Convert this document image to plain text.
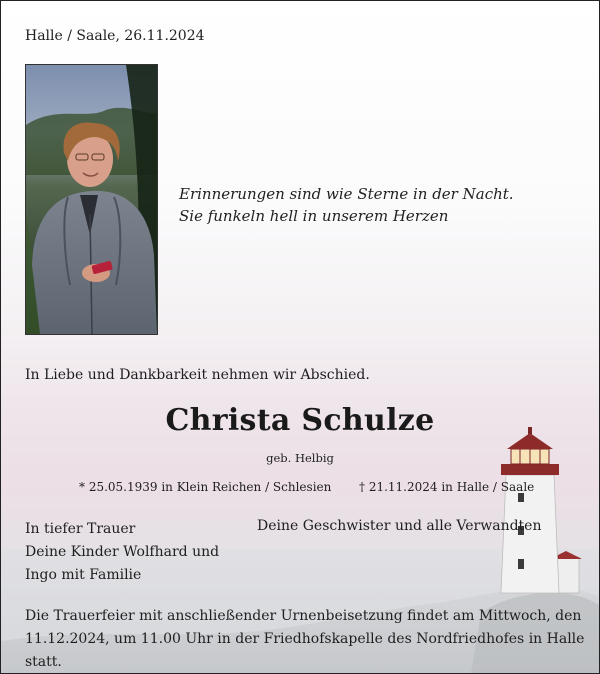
Halle / Saale, 26.11.2024
Erinnerungen sind wie Sterne in der Nacht. Sie funkeln hell in unserem Herzen
In Liebe und Dankbarkeit nehmen wir Abschied.
Christa Schulze
geb. Helbig
* 25.05.1939 in Klein Reichen / Schlesien † 21.11.2024 in Halle / Saale
In tiefer Trauer
Deine Kinder Wolfhard und
Ingo mit Familie
Deine Geschwister und alle Verwandten
Die Trauerfeier mit anschließender Urnenbeisetzung findet am Mittwoch, den 11.12.2024, um 11.00 Uhr in der Friedhofskapelle des Nordfriedhofes in Halle statt.
